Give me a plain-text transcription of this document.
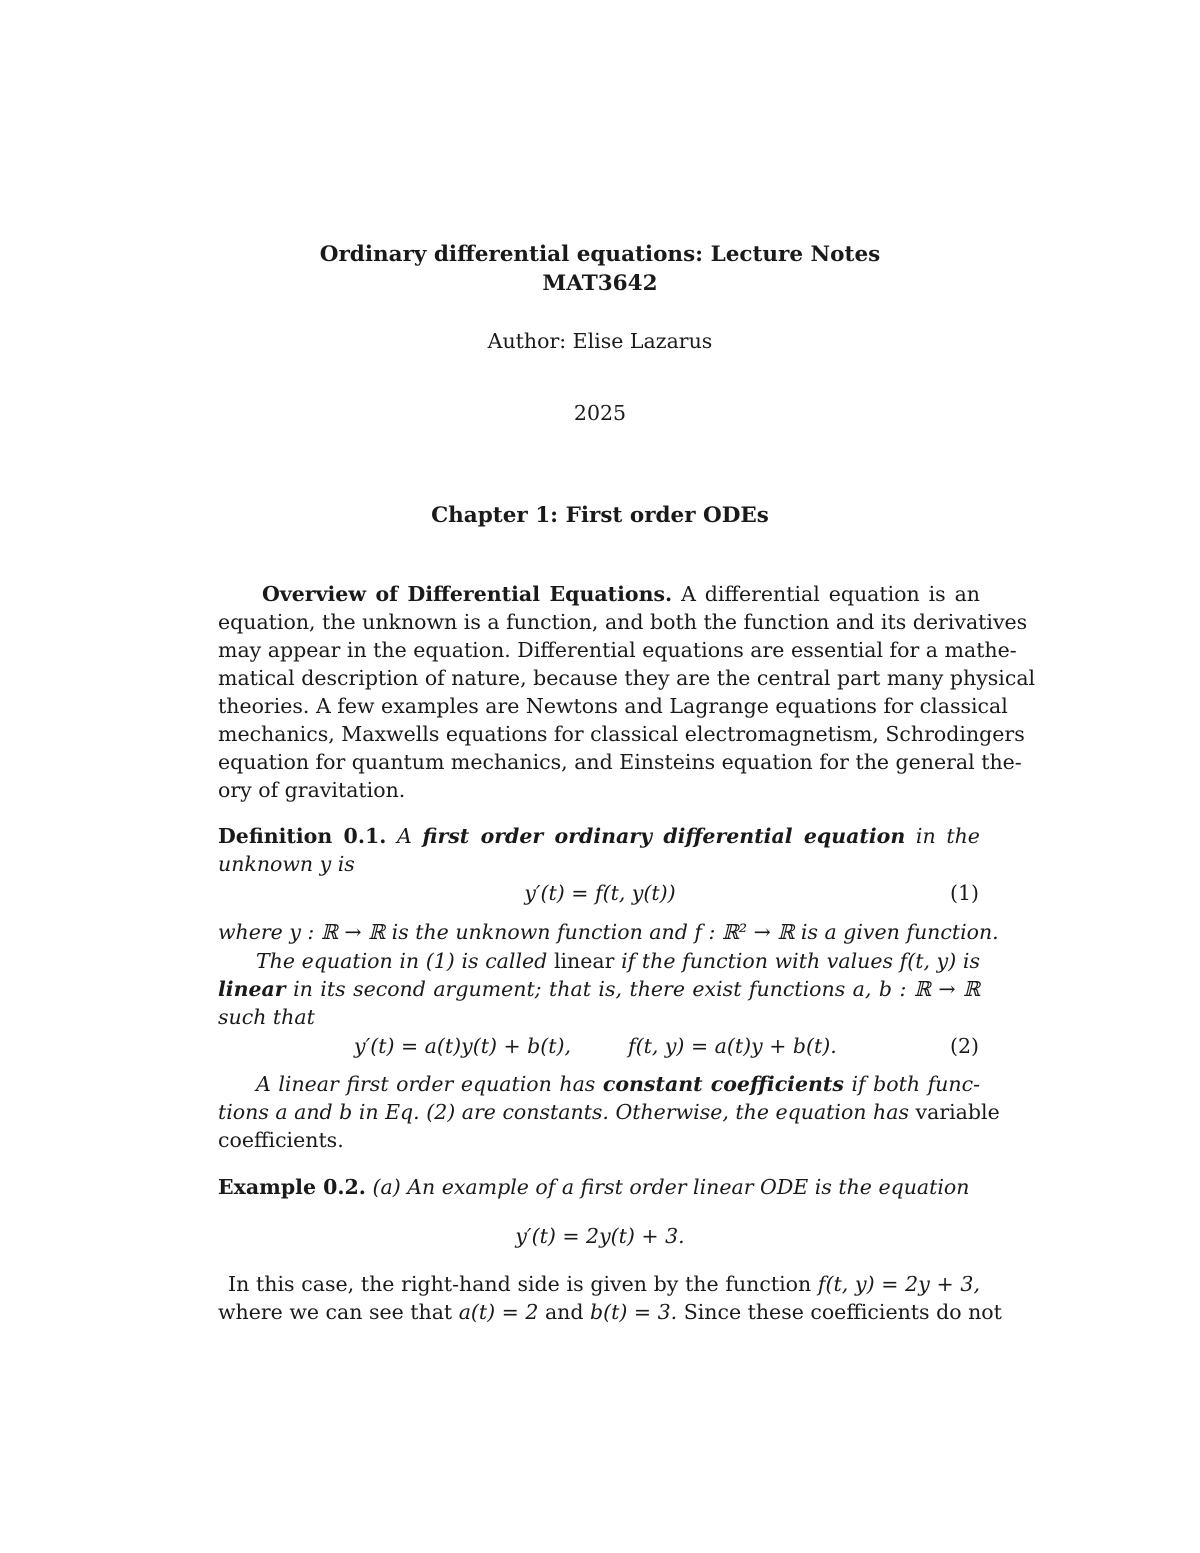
Ordinary differential equations: Lecture Notes
MAT3642
Author: Elise Lazarus
2025
Chapter 1: First order ODEs
Overview of Differential Equations. A differential equation is an
equation, the unknown is a function, and both the function and its derivatives
may appear in the equation. Differential equations are essential for a mathe-
matical description of nature, because they are the central part many physical
theories. A few examples are Newtons and Lagrange equations for classical
mechanics, Maxwells equations for classical electromagnetism, Schrodingers
equation for quantum mechanics, and Einsteins equation for the general the-
ory of gravitation.
Definition 0.1. A first order ordinary differential equation in the
unknown y is
y′(t) = f(t, y(t))	(1)
where y : ℝ → ℝ is the unknown function and f : ℝ² → ℝ is a given function.
The equation in (1) is called linear if the function with values f(t, y) is
linear in its second argument; that is, there exist functions a, b : ℝ → ℝ
such that
y′(t) = a(t)y(t) + b(t),	f(t, y) = a(t)y + b(t).	(2)
A linear first order equation has constant coefficients if both func-
tions a and b in Eq. (2) are constants. Otherwise, the equation has variable
coefficients.
Example 0.2. (a) An example of a first order linear ODE is the equation
y′(t) = 2y(t) + 3.
In this case, the right-hand side is given by the function f(t, y) = 2y + 3,
where we can see that a(t) = 2 and b(t) = 3. Since these coefficients do not
